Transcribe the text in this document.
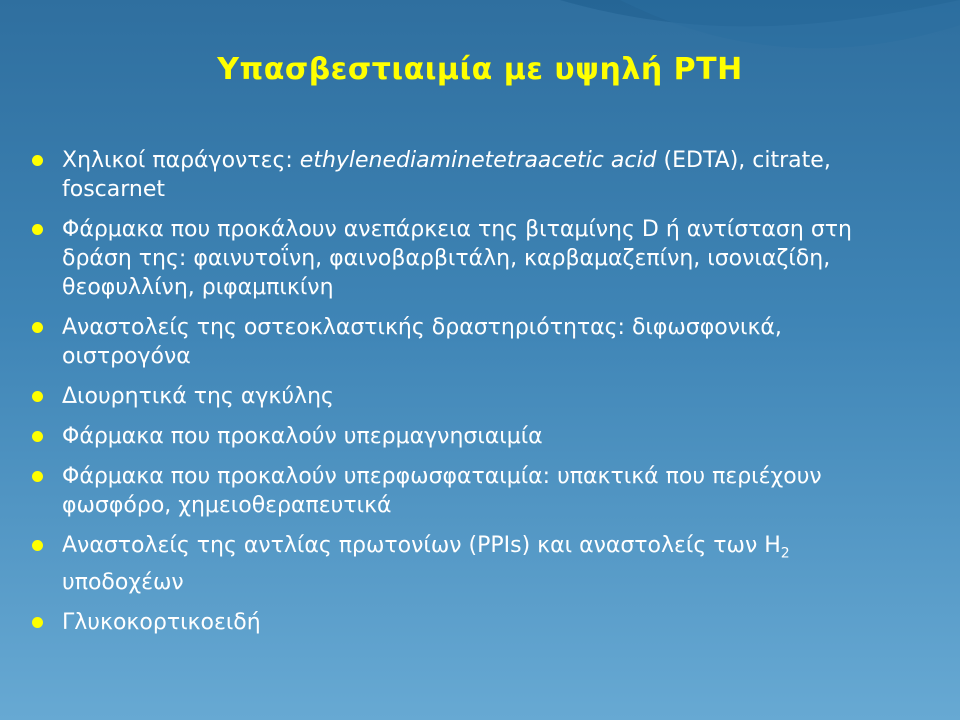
Υπασβεστιαιμία με υψηλή PTH
Χηλικοί παράγοντες: ethylenediaminetetraacetic acid (EDTA), citrate, foscarnet
Φάρμακα που προκάλουν ανεπάρκεια της βιταμίνης D ή αντίσταση στη δράση της: φαινυτοΐνη, φαινοβαρβιτάλη, καρβαμαζεπίνη, ισονιαζίδη, θεοφυλλίνη, ριφαμπικίνη
Αναστολείς της οστεοκλαστικής δραστηριότητας: διφωσφονικά, οιστρογόνα
Διουρητικά της αγκύλης
Φάρμακα που προκαλούν υπερμαγνησιαιμία
Φάρμακα που προκαλούν υπερφωσφαταιμία: υπακτικά που περιέχουν φωσφόρο, χημειοθεραπευτικά
Αναστολείς της αντλίας πρωτονίων (PPIs) και αναστολείς των $H_2$ υποδοχέων
Γλυκοκορτικοειδή
